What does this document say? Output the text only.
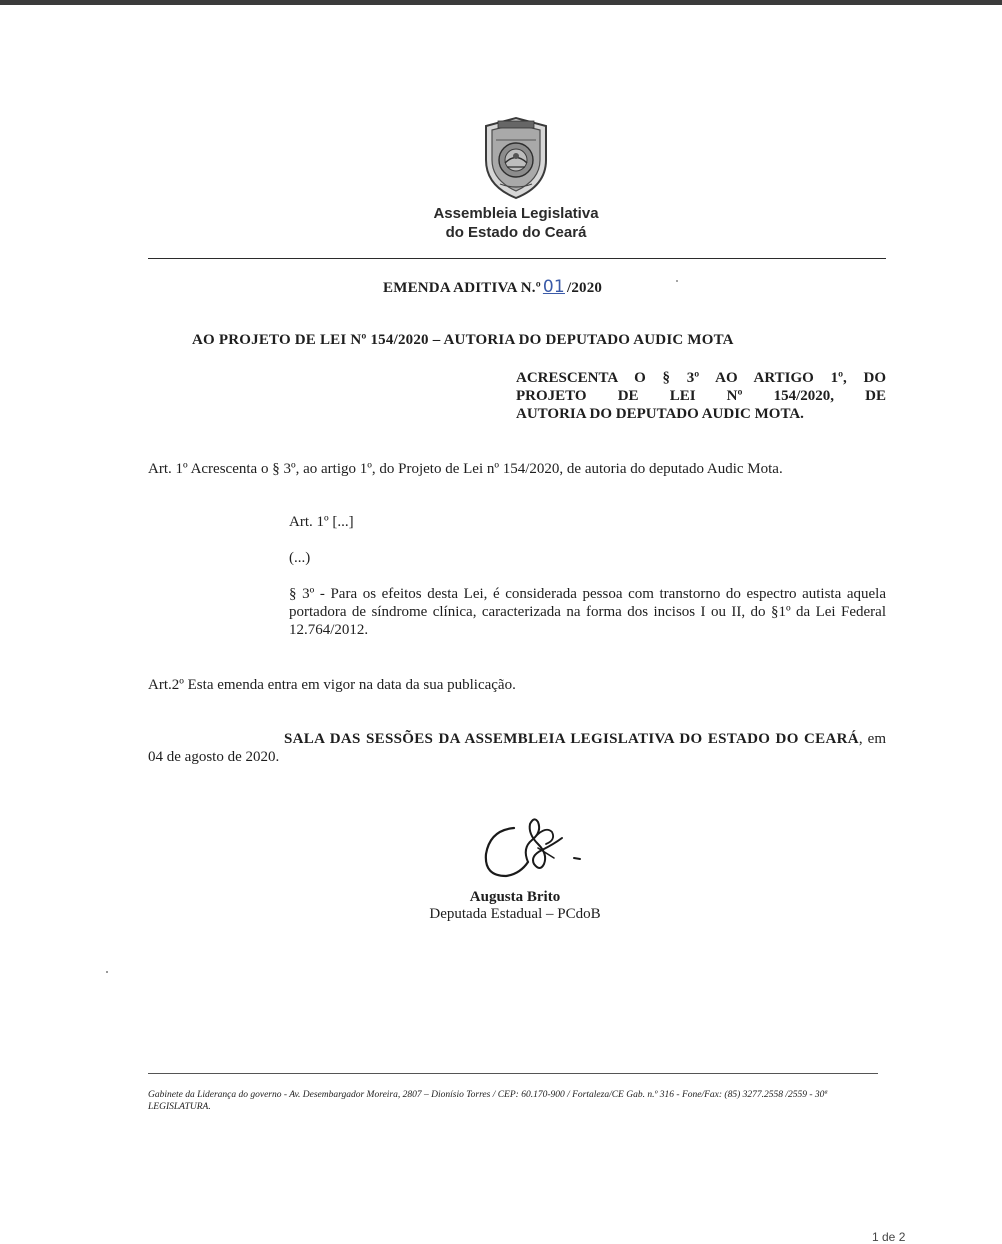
Assembleia Legislativa
do Estado do Ceará
EMENDA ADITIVA N.º 01 /2020
AO PROJETO DE LEI Nº 154/2020 – AUTORIA DO DEPUTADO AUDIC MOTA
ACRESCENTA O § 3º AO ARTIGO 1º, DO
PROJETO DE LEI Nº 154/2020, DE
AUTORIA DO DEPUTADO AUDIC MOTA.
Art. 1º Acrescenta o § 3º, ao artigo 1º, do Projeto de Lei nº 154/2020, de autoria do deputado Audic Mota.
Art. 1º [...]
(...)
§ 3º - Para os efeitos desta Lei, é considerada pessoa com transtorno do espectro autista aquela portadora de síndrome clínica, caracterizada na forma dos incisos I ou II, do §1º da Lei Federal 12.764/2012.
Art.2º Esta emenda entra em vigor na data da sua publicação.
SALA DAS SESSÕES DA ASSEMBLEIA LEGISLATIVA DO ESTADO DO CEARÁ, em 04 de agosto de 2020.
Augusta Brito
Deputada Estadual – PCdoB
Gabinete da Liderança do governo - Av. Desembargador Moreira, 2807 – Dionísio Torres / CEP: 60.170-900 / Fortaleza/CE Gab. n.º 316 - Fone/Fax: (85) 3277.2558 /2559 - 30ª LEGISLATURA.
1 de 2
